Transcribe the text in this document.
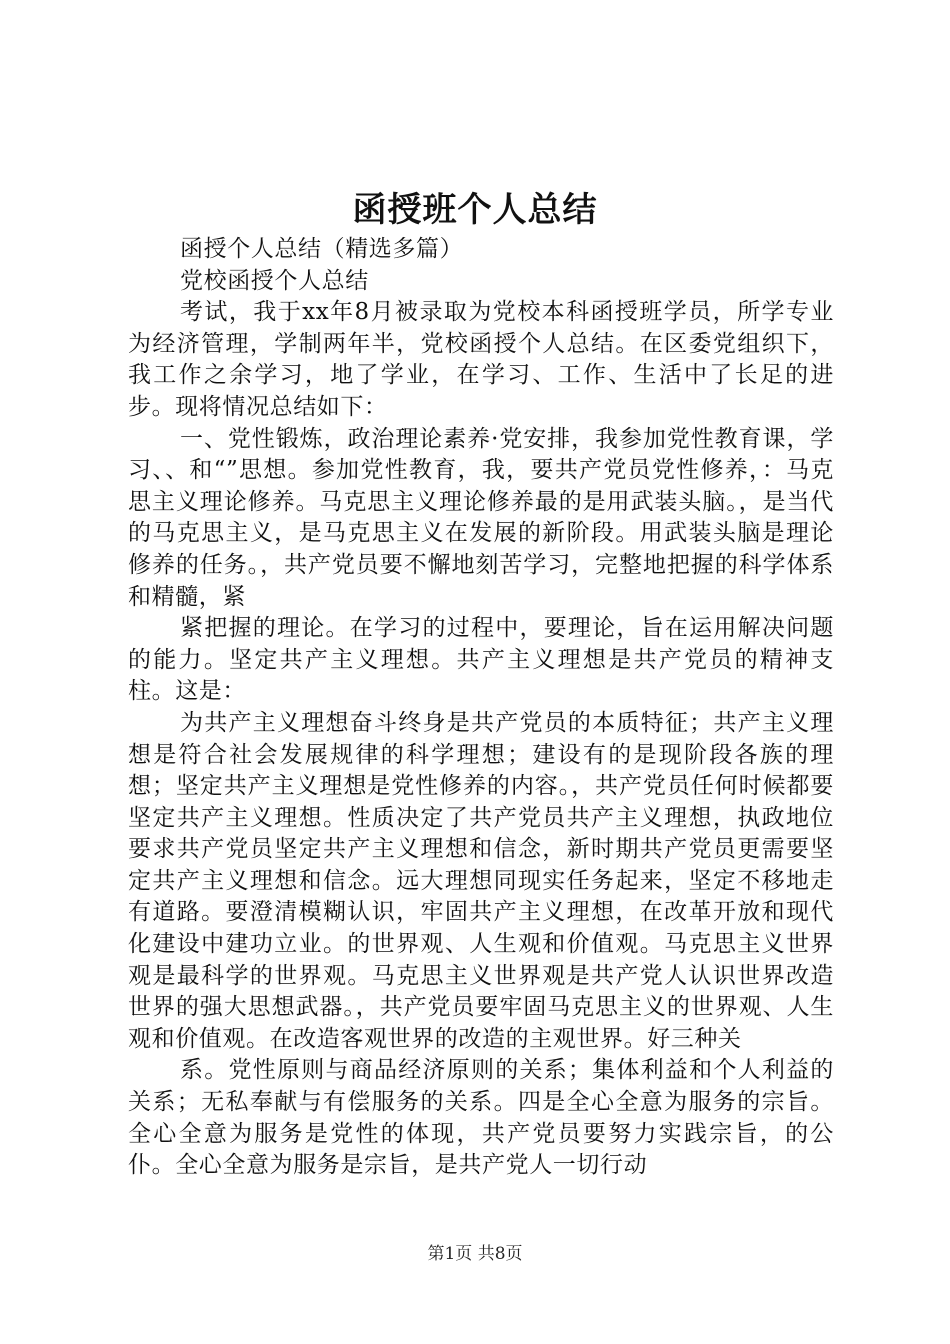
函授班个人总结

函授个人总结（精选多篇）

党校函授个人总结

考试，我于xx年8月被录取为党校本科函授班学员，所学专业为经济管理，学制两年半，党校函授个人总结。在区委党组织下，我工作之余学习，地了学业，在学习、工作、生活中了长足的进步。现将情况总结如下：

一、党性锻炼，政治理论素养·党安排，我参加党性教育课，学习、、和“”思想。参加党性教育，我，要共产党员党性修养，：马克思主义理论修养。马克思主义理论修养最的是用武装头脑。，是当代的马克思主义，是马克思主义在发展的新阶段。用武装头脑是理论修养的任务。，共产党员要不懈地刻苦学习，完整地把握的科学体系和精髓，紧

紧把握的理论。在学习的过程中，要理论，旨在运用解决问题的能力。坚定共产主义理想。共产主义理想是共产党员的精神支柱。这是：

为共产主义理想奋斗终身是共产党员的本质特征；共产主义理想是符合社会发展规律的科学理想；建设有的是现阶段各族的理想；坚定共产主义理想是党性修养的内容。，共产党员任何时候都要坚定共产主义理想。性质决定了共产党员共产主义理想，执政地位要求共产党员坚定共产主义理想和信念，新时期共产党员更需要坚定共产主义理想和信念。远大理想同现实任务起来，坚定不移地走有道路。要澄清模糊认识，牢固共产主义理想，在改革开放和现代化建设中建功立业。的世界观、人生观和价值观。马克思主义世界观是最科学的世界观。马克思主义世界观是共产党人认识世界改造世界的强大思想武器。，共产党员要牢固马克思主义的世界观、人生观和价值观。在改造客观世界的改造的主观世界。好三种关

系。党性原则与商品经济原则的关系；集体利益和个人利益的关系；无私奉献与有偿服务的关系。四是全心全意为服务的宗旨。全心全意为服务是党性的体现，共产党员要努力实践宗旨，的公仆。全心全意为服务是宗旨，是共产党人一切行动

第1页 共8页
